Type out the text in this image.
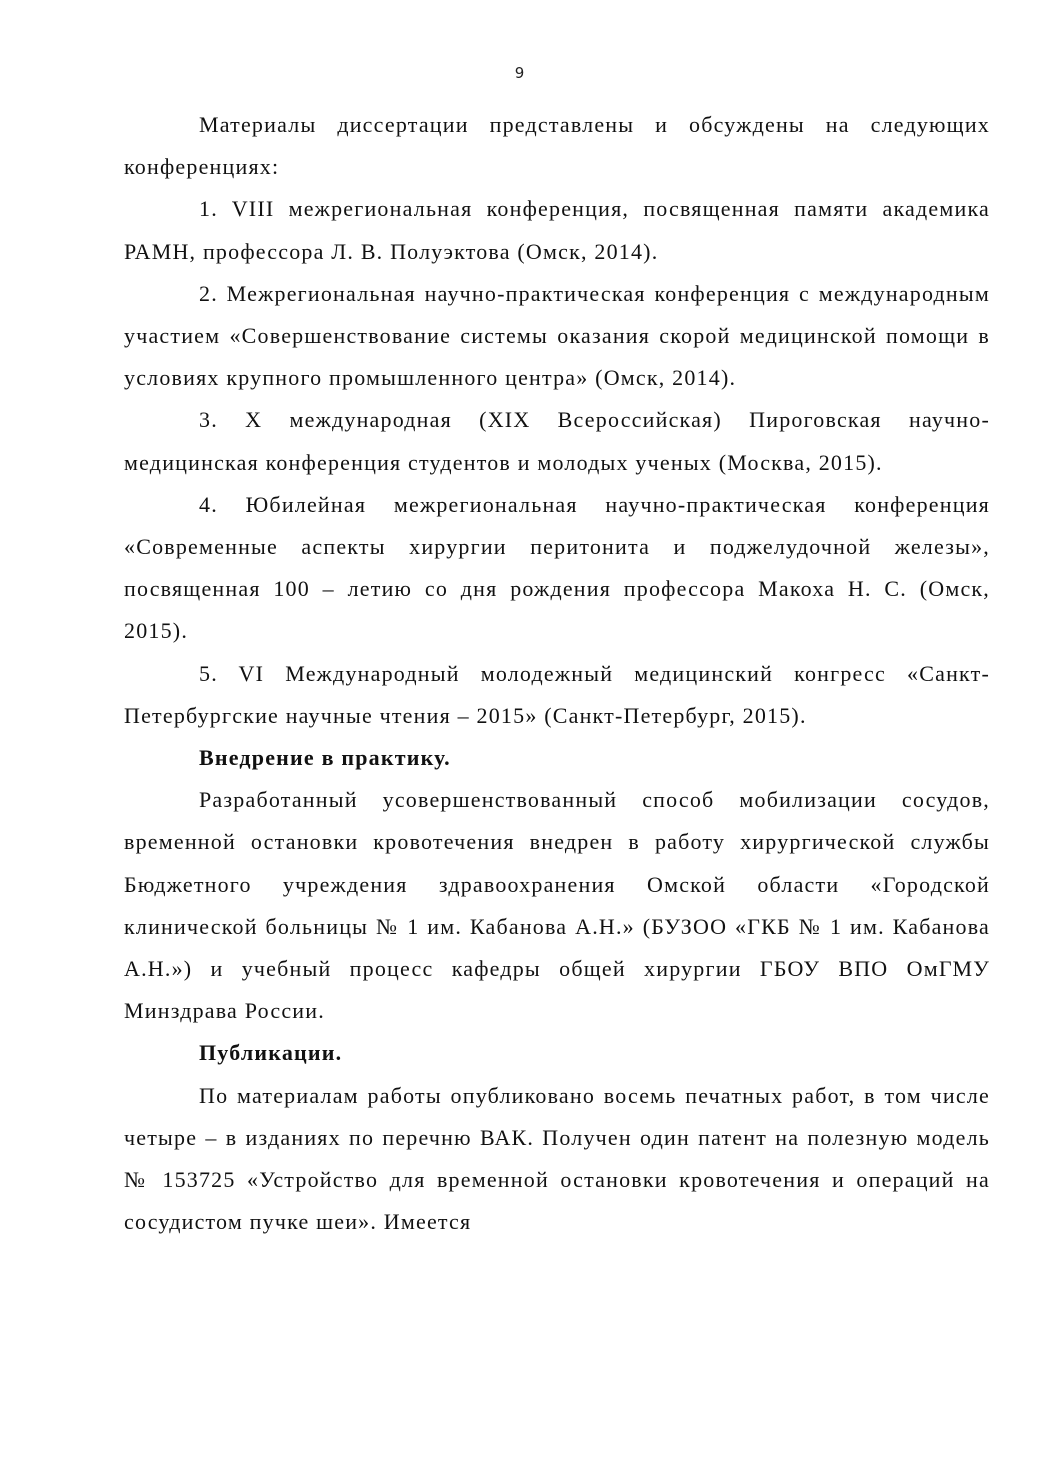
9

Материалы диссертации представлены и обсуждены на следующих конференциях:

1. VIII межрегиональная конференция, посвященная памяти академика РАМН, профессора Л. В. Полуэктова (Омск, 2014).

2. Межрегиональная научно-практическая конференция с международным участием «Совершенствование системы оказания скорой медицинской помощи в условиях крупного промышленного центра» (Омск, 2014).

3. X международная (XIX Всероссийская) Пироговская научно-медицинская конференция студентов и молодых ученых (Москва, 2015).

4. Юбилейная межрегиональная научно-практическая конференция «Современные аспекты хирургии перитонита и поджелудочной железы», посвященная 100 – летию со дня рождения профессора Макоха Н. С. (Омск, 2015).

5. VI Международный молодежный медицинский конгресс «Санкт-Петербургские научные чтения – 2015» (Санкт-Петербург, 2015).

Внедрение в практику.

Разработанный усовершенствованный способ мобилизации сосудов, временной остановки кровотечения внедрен в работу хирургической службы Бюджетного учреждения здравоохранения Омской области «Городской клинической больницы № 1 им. Кабанова А.Н.» (БУЗОО «ГКБ № 1 им. Кабанова А.Н.») и учебный процесс кафедры общей хирургии ГБОУ ВПО ОмГМУ Минздрава России.

Публикации.

По материалам работы опубликовано восемь печатных работ, в том числе четыре – в изданиях по перечню ВАК. Получен один патент на полезную модель № 153725 «Устройство для временной остановки кровотечения и операций на сосудистом пучке шеи». Имеется
